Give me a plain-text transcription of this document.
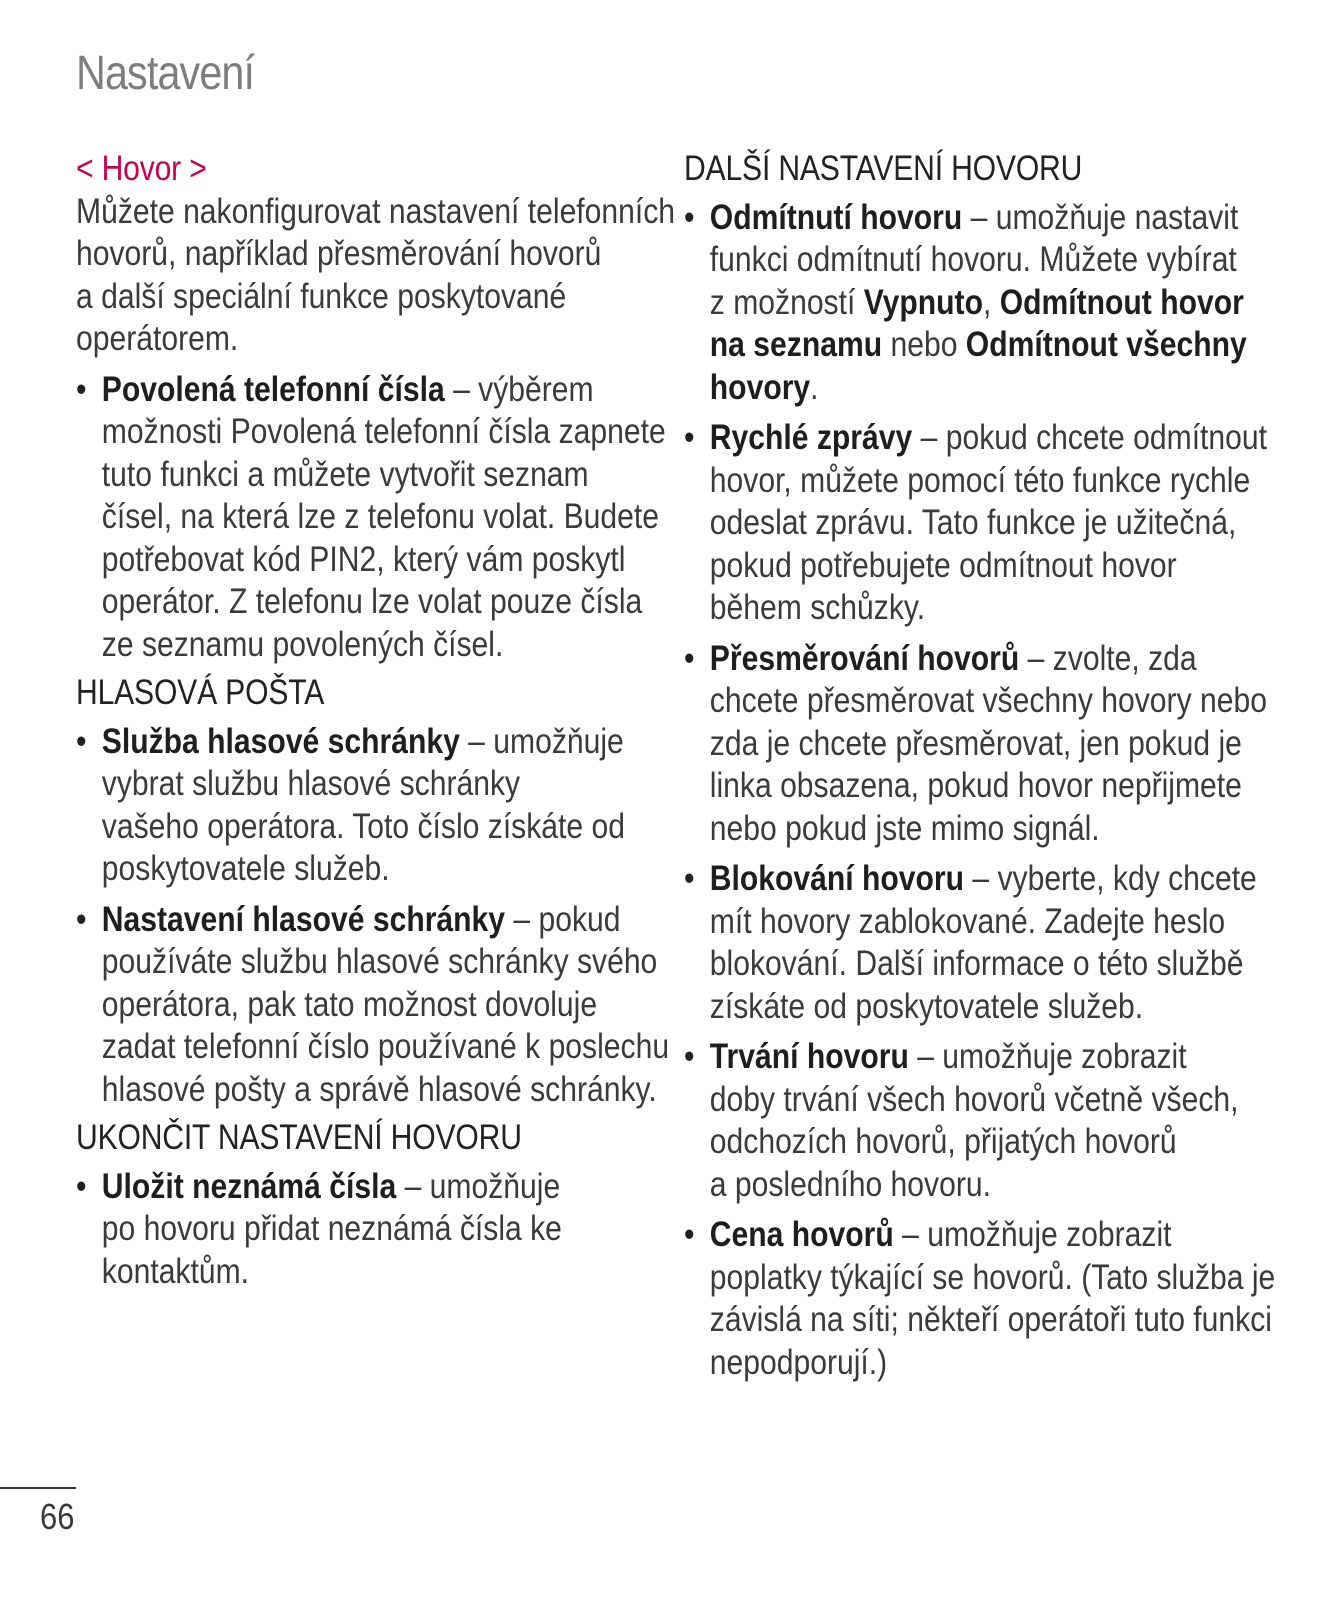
Nastavení
< Hovor >

Můžete nakonfigurovat nastavení telefonních
hovorů, například přesměrování hovorů
a další speciální funkce poskytované
operátorem.

• Povolená telefonní čísla – výběrem
možnosti Povolená telefonní čísla zapnete
tuto funkci a můžete vytvořit seznam
čísel, na která lze z telefonu volat. Budete
potřebovat kód PIN2, který vám poskytl
operátor. Z telefonu lze volat pouze čísla
ze seznamu povolených čísel.
HLASOVÁ POŠTA
• Služba hlasové schránky – umožňuje
vybrat službu hlasové schránky
vašeho operátora. Toto číslo získáte od
poskytovatele služeb.
• Nastavení hlasové schránky – pokud
používáte službu hlasové schránky svého
operátora, pak tato možnost dovoluje
zadat telefonní číslo používané k poslechu
hlasové pošty a správě hlasové schránky.
UKONČIT NASTAVENÍ HOVORU
• Uložit neznámá čísla – umožňuje
po hovoru přidat neznámá čísla ke
kontaktům.
DALŠÍ NASTAVENÍ HOVORU
• Odmítnutí hovoru – umožňuje nastavit
funkci odmítnutí hovoru. Můžete vybírat
z možností Vypnuto, Odmítnout hovor
na seznamu nebo Odmítnout všechny
hovory.
• Rychlé zprávy – pokud chcete odmítnout
hovor, můžete pomocí této funkce rychle
odeslat zprávu. Tato funkce je užitečná,
pokud potřebujete odmítnout hovor
během schůzky.
• Přesměrování hovorů – zvolte, zda
chcete přesměrovat všechny hovory nebo
zda je chcete přesměrovat, jen pokud je
linka obsazena, pokud hovor nepřijmete
nebo pokud jste mimo signál.
• Blokování hovoru – vyberte, kdy chcete
mít hovory zablokované. Zadejte heslo
blokování. Další informace o této službě
získáte od poskytovatele služeb.
• Trvání hovoru – umožňuje zobrazit
doby trvání všech hovorů včetně všech,
odchozích hovorů, přijatých hovorů
a posledního hovoru.
• Cena hovorů – umožňuje zobrazit
poplatky týkající se hovorů. (Tato služba je
závislá na síti; někteří operátoři tuto funkci
nepodporují.)
66
